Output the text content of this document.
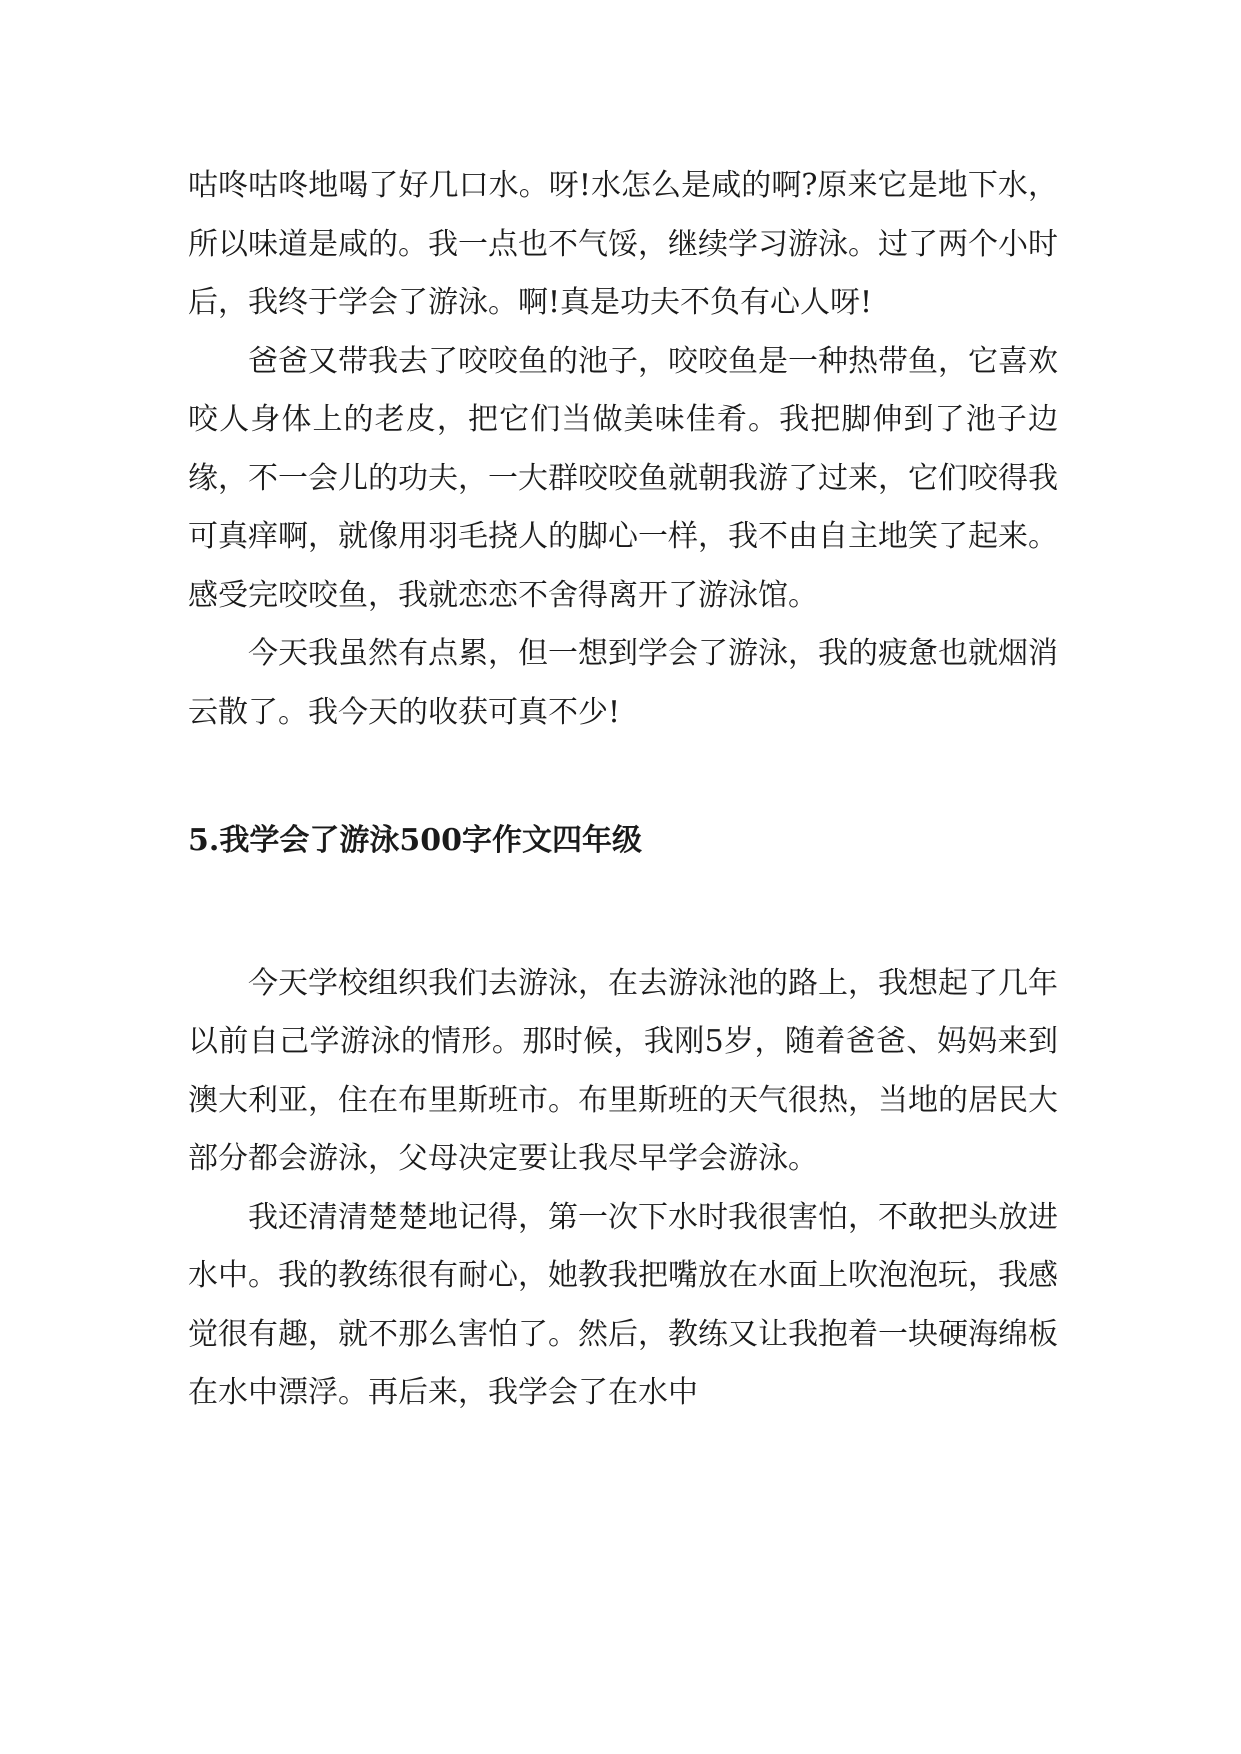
咕咚咕咚地喝了好几口水。呀!水怎么是咸的啊?原来它是地下水，所以味道是咸的。我一点也不气馁，继续学习游泳。过了两个小时后，我终于学会了游泳。啊!真是功夫不负有心人呀!

爸爸又带我去了咬咬鱼的池子，咬咬鱼是一种热带鱼，它喜欢咬人身体上的老皮，把它们当做美味佳肴。我把脚伸到了池子边缘，不一会儿的功夫，一大群咬咬鱼就朝我游了过来，它们咬得我可真痒啊，就像用羽毛挠人的脚心一样，我不由自主地笑了起来。感受完咬咬鱼，我就恋恋不舍得离开了游泳馆。

今天我虽然有点累，但一想到学会了游泳，我的疲惫也就烟消云散了。我今天的收获可真不少!

5.我学会了游泳500字作文四年级

今天学校组织我们去游泳，在去游泳池的路上，我想起了几年以前自己学游泳的情形。那时候，我刚5岁，随着爸爸、妈妈来到澳大利亚，住在布里斯班市。布里斯班的天气很热，当地的居民大部分都会游泳，父母决定要让我尽早学会游泳。

我还清清楚楚地记得，第一次下水时我很害怕，不敢把头放进水中。我的教练很有耐心，她教我把嘴放在水面上吹泡泡玩，我感觉很有趣，就不那么害怕了。然后，教练又让我抱着一块硬海绵板在水中漂浮。再后来，我学会了在水中
